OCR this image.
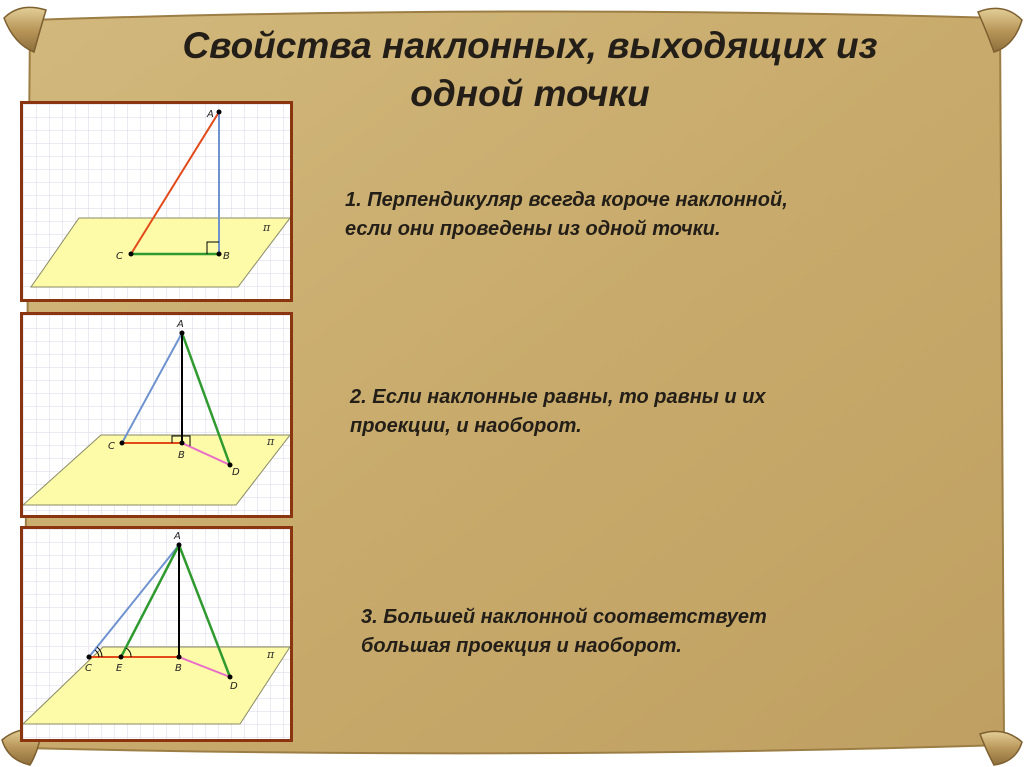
Свойства наклонных, выходящих из
одной точки
π
A
B
C
π
A
B
C
D
π
A
B
C E
D

1. Перпендикуляр всегда короче наклонной,
если они проведены из одной точки.

2. Если наклонные равны, то равны и их
проекции, и наоборот.

3. Большей наклонной соответствует
большая проекция и наоборот.
